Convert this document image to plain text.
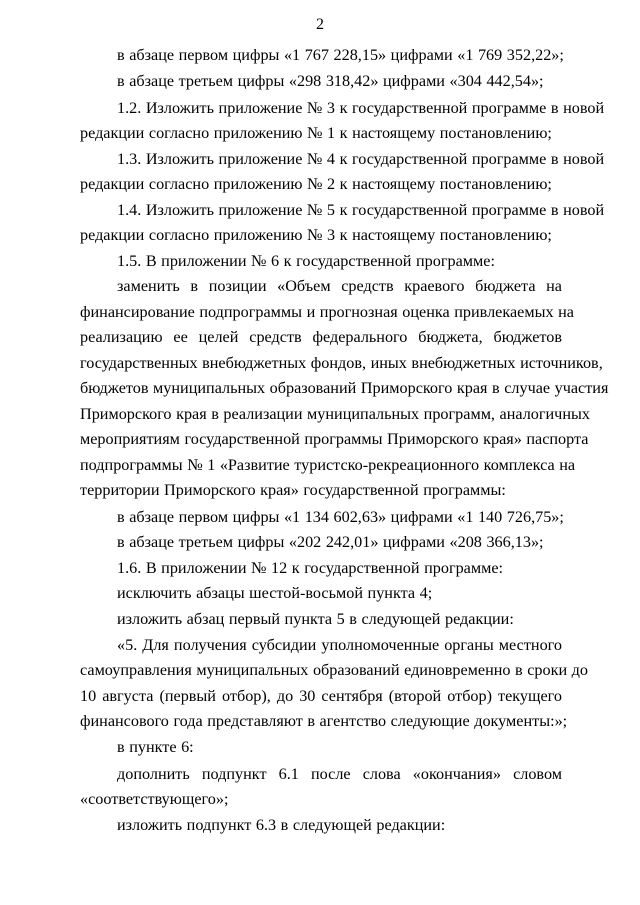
2
в абзаце первом цифры «1 767 228,15» цифрами «1 769 352,22»;
в абзаце третьем цифры «298 318,42» цифрами «304 442,54»;
1.2. Изложить приложение № 3 к государственной программе в новой
редакции согласно приложению № 1 к настоящему постановлению;
1.3. Изложить приложение № 4 к государственной программе в новой
редакции согласно приложению № 2 к настоящему постановлению;
1.4. Изложить приложение № 5 к государственной программе в новой
редакции согласно приложению № 3 к настоящему постановлению;
1.5. В приложении № 6 к государственной программе:
заменить в позиции «Объем средств краевого бюджета на
финансирование подпрограммы и прогнозная оценка привлекаемых на
реализацию ее целей средств федерального бюджета, бюджетов
государственных внебюджетных фондов, иных внебюджетных источников,
бюджетов муниципальных образований Приморского края в случае участия
Приморского края в реализации муниципальных программ, аналогичных
мероприятиям государственной программы Приморского края» паспорта
подпрограммы № 1 «Развитие туристско-рекреационного комплекса на
территории Приморского края» государственной программы:
в абзаце первом цифры «1 134 602,63» цифрами «1 140 726,75»;
в абзаце третьем цифры «202 242,01» цифрами «208 366,13»;
1.6. В приложении № 12 к государственной программе:
исключить абзацы шестой-восьмой пункта 4;
изложить абзац первый пункта 5 в следующей редакции:
«5. Для получения субсидии уполномоченные органы местного
самоуправления муниципальных образований единовременно в сроки до
10 августа (первый отбор), до 30 сентября (второй отбор) текущего
финансового года представляют в агентство следующие документы:»;
в пункте 6:
дополнить подпункт 6.1 после слова «окончания» словом
«соответствующего»;
изложить подпункт 6.3 в следующей редакции:
